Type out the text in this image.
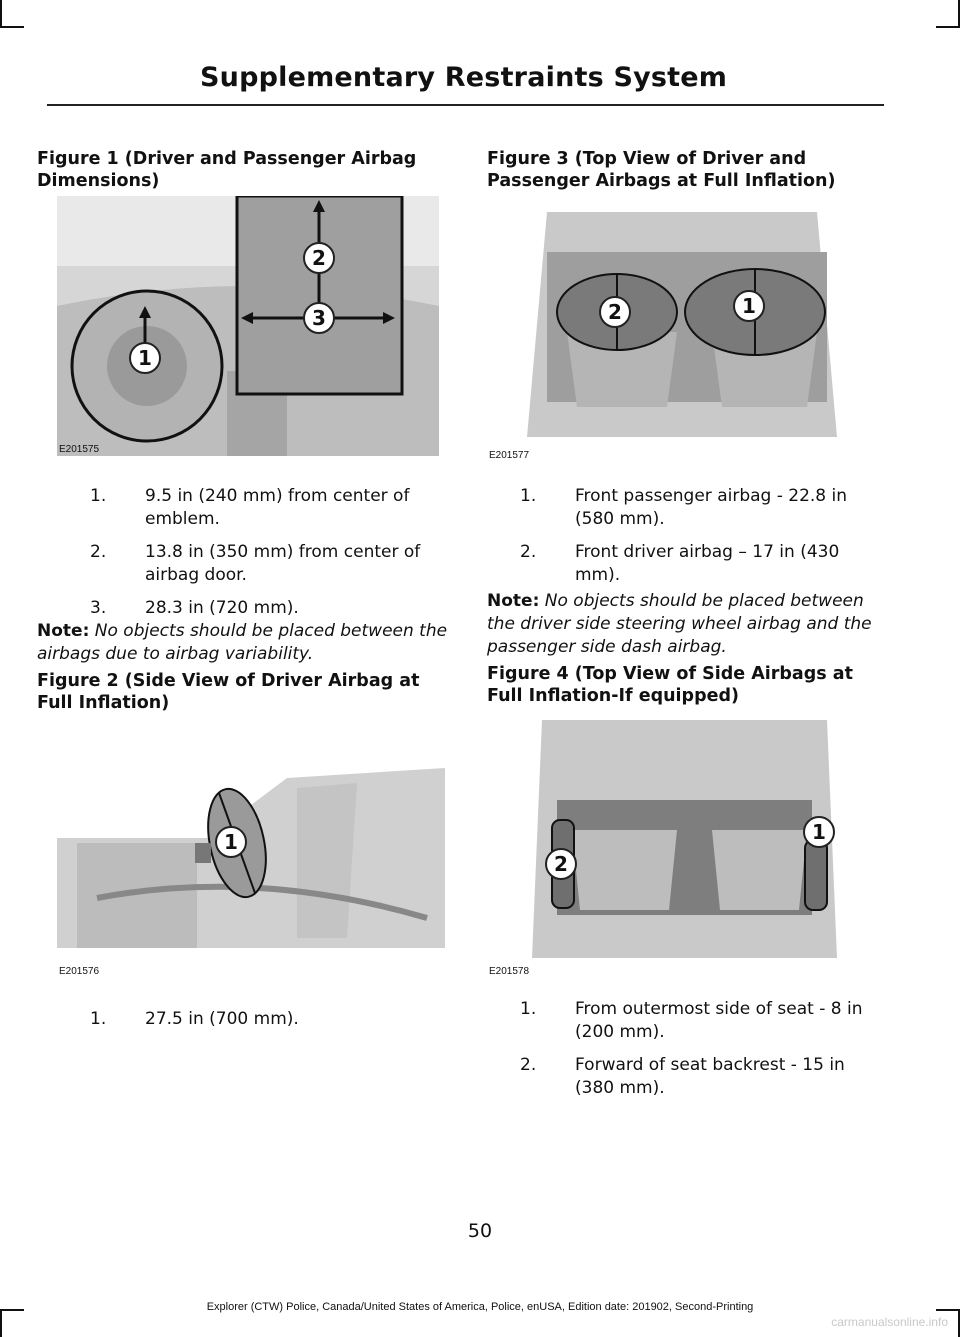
Supplementary Restraints System

Figure 1 (Driver and Passenger Airbag Dimensions)

1
2
3
E201575
1. 9.5 in (240 mm) from center of emblem.
2. 13.8 in (350 mm) from center of airbag door.
3. 28.3 in (720 mm).
Note: No objects should be placed between the airbags due to airbag variability.

Figure 2 (Side View of Driver Airbag at Full Inflation)

1
E201576
1. 27.5 in (700 mm).

Figure 3 (Top View of Driver and Passenger Airbags at Full Inflation)

2	1
E201577
1. Front passenger airbag - 22.8 in (580 mm).
2. Front driver airbag – 17 in (430 mm).
Note: No objects should be placed between the driver side steering wheel airbag and the passenger side dash airbag.

Figure 4 (Top View of Side Airbags at Full Inflation-If equipped)

1
2
E201578
1. From outermost side of seat - 8 in (200 mm).
2. Forward of seat backrest - 15 in (380 mm).
50
Explorer (CTW) Police, Canada/United States of America, Police, enUSA, Edition date: 201902, Second-Printing
carmanualsonline.info
